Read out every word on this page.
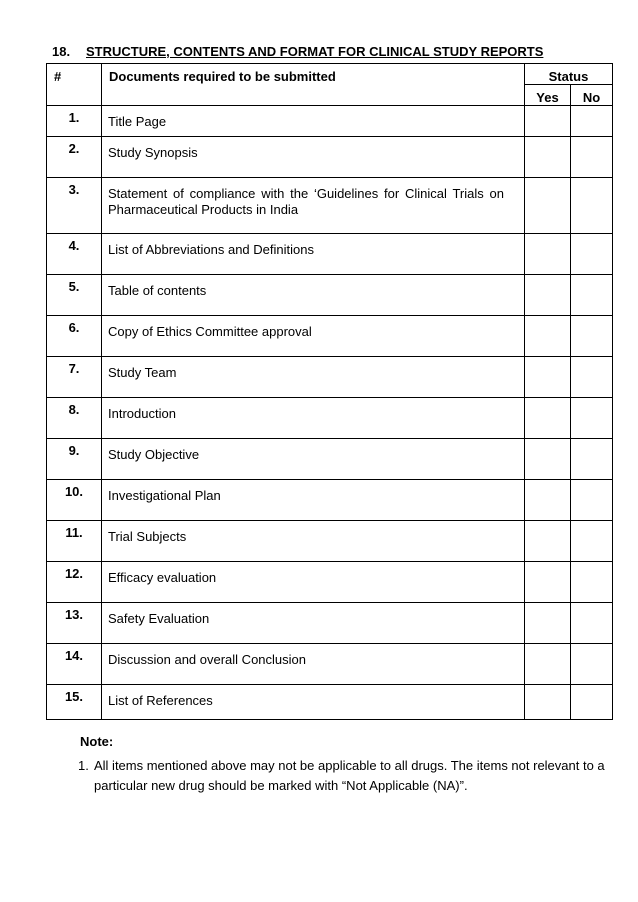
18. STRUCTURE, CONTENTS AND FORMAT FOR CLINICAL STUDY REPORTS
#	Documents required to be submitted	Status	
		Yes	No
1.	Title Page		
2.	Study Synopsis		
3.	Statement of compliance with the ‘Guidelines for Clinical Trials on Pharmaceutical Products in India		
4.	List of Abbreviations and Definitions		
5.	Table of contents		
6.	Copy of Ethics Committee approval		
7.	Study Team		
8.	Introduction		
9.	Study Objective		
10.	Investigational Plan		
11.	Trial Subjects		
12.	Efficacy evaluation		
13.	Safety Evaluation		
14.	Discussion and overall Conclusion		
15.	List of References		
Note:
1. All items mentioned above may not be applicable to all drugs. The items not relevant to a
particular new drug should be marked with “Not Applicable (NA)”.
